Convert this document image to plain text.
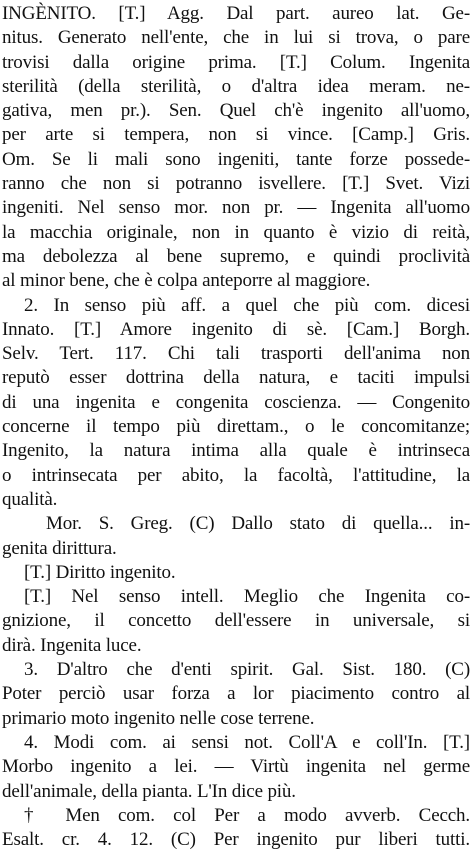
INGÈNITO. [T.] Agg. Dal part. aureo lat. Ge-
nitus. Generato nell'ente, che in lui si trova, o pare
trovisi dalla origine prima. [T.] Colum. Ingenita
sterilità (della sterilità, o d'altra idea meram. ne-
gativa, men pr.). Sen. Quel ch'è ingenito all'uomo,
per arte si tempera, non si vince. [Camp.] Gris.
Om. Se li mali sono ingeniti, tante forze possede-
ranno che non si potranno isvellere. [T.] Svet. Vizi
ingeniti. Nel senso mor. non pr. — Ingenita all'uomo
la macchia originale, non in quanto è vizio di reità,
ma debolezza al bene supremo, e quindi proclività
al minor bene, che è colpa anteporre al maggiore.
2. In senso più aff. a quel che più com. dicesi
Innato. [T.] Amore ingenito di sè. [Cam.] Borgh.
Selv. Tert. 117. Chi tali trasporti dell'anima non
reputò esser dottrina della natura, e taciti impulsi
di una ingenita e congenita coscienza. — Congenito
concerne il tempo più direttam., o le concomitanze;
Ingenito, la natura intima alla quale è intrinseca
o intrinsecata per abito, la facoltà, l'attitudine, la
qualità.
Mor. S. Greg. (C) Dallo stato di quella... in-
genita dirittura.
[T.] Diritto ingenito.
[T.] Nel senso intell. Meglio che Ingenita co-
gnizione, il concetto dell'essere in universale, si
dirà. Ingenita luce.
3. D'altro che d'enti spirit. Gal. Sist. 180. (C)
Poter perciò usar forza a lor piacimento contro al
primario moto ingenito nelle cose terrene.
4. Modi com. ai sensi not. Coll'A e coll'In. [T.]
Morbo ingenito a lei. — Virtù ingenita nel germe
dell'animale, della pianta. L'In dice più.
† Men com. col Per a modo avverb. Cecch.
Esalt. cr. 4. 12. (C) Per ingenito pur liberi tutti.
